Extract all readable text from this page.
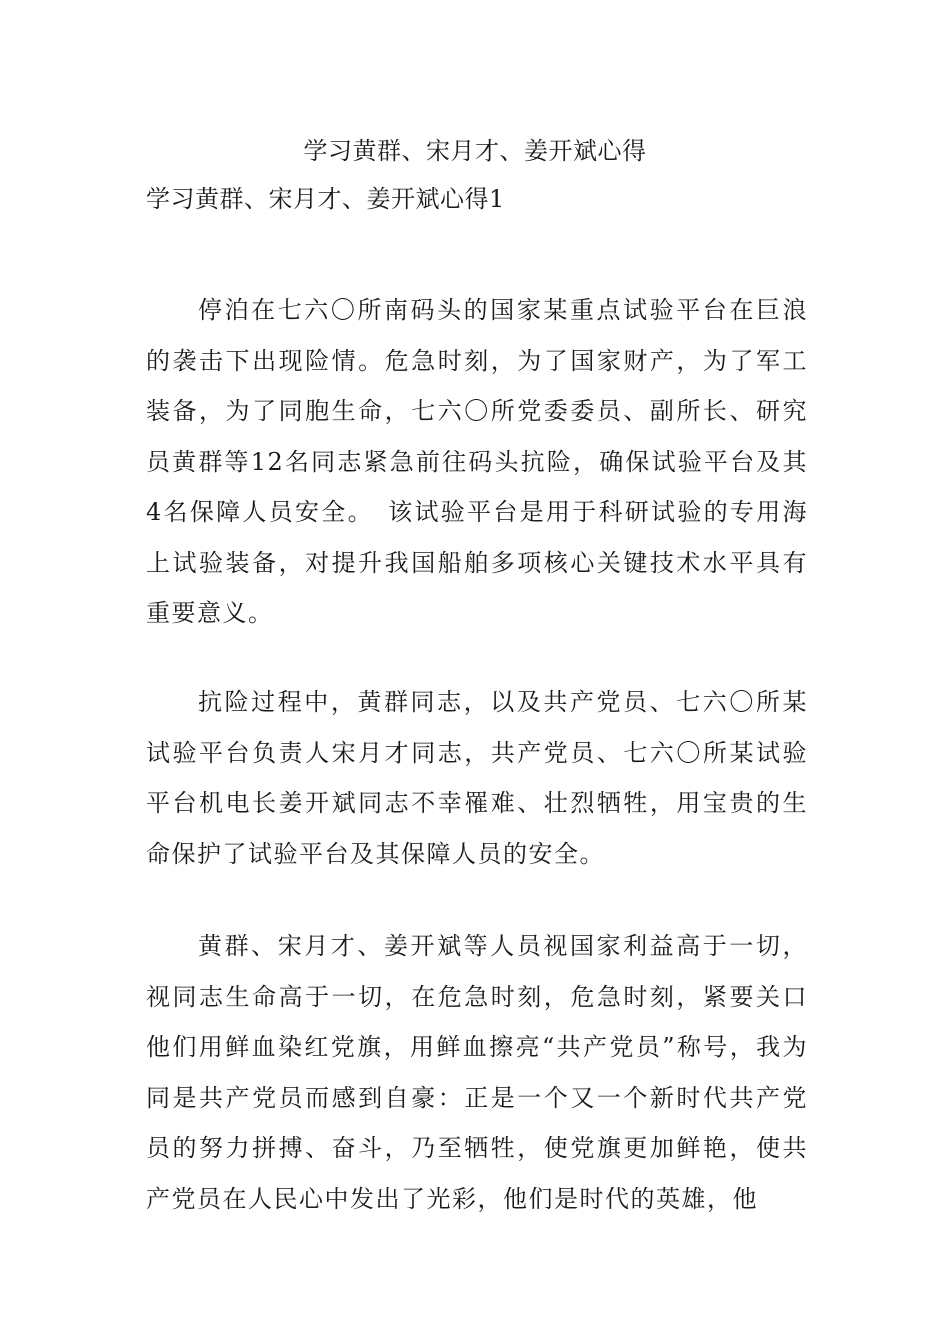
学习黄群、宋月才、姜开斌心得
学习黄群、宋月才、姜开斌心得1

停泊在七六〇所南码头的国家某重点试验平台在巨浪的袭击下出现险情。危急时刻，为了国家财产，为了军工装备，为了同胞生命，七六〇所党委委员、副所长、研究员黄群等12名同志紧急前往码头抗险，确保试验平台及其4名保障人员安全。　该试验平台是用于科研试验的专用海上试验装备，对提升我国船舶多项核心关键技术水平具有重要意义。

抗险过程中，黄群同志，以及共产党员、七六〇所某试验平台负责人宋月才同志，共产党员、七六〇所某试验平台机电长姜开斌同志不幸罹难、壮烈牺牲，用宝贵的生命保护了试验平台及其保障人员的安全。

黄群、宋月才、姜开斌等人员视国家利益高于一切，视同志生命高于一切，在危急时刻，危急时刻，紧要关口他们用鲜血染红党旗，用鲜血擦亮“共产党员”称号，我为同是共产党员而感到自豪：正是一个又一个新时代共产党员的努力拼搏、奋斗，乃至牺牲，使党旗更加鲜艳，使共产党员在人民心中发出了光彩，他们是时代的英雄，他
